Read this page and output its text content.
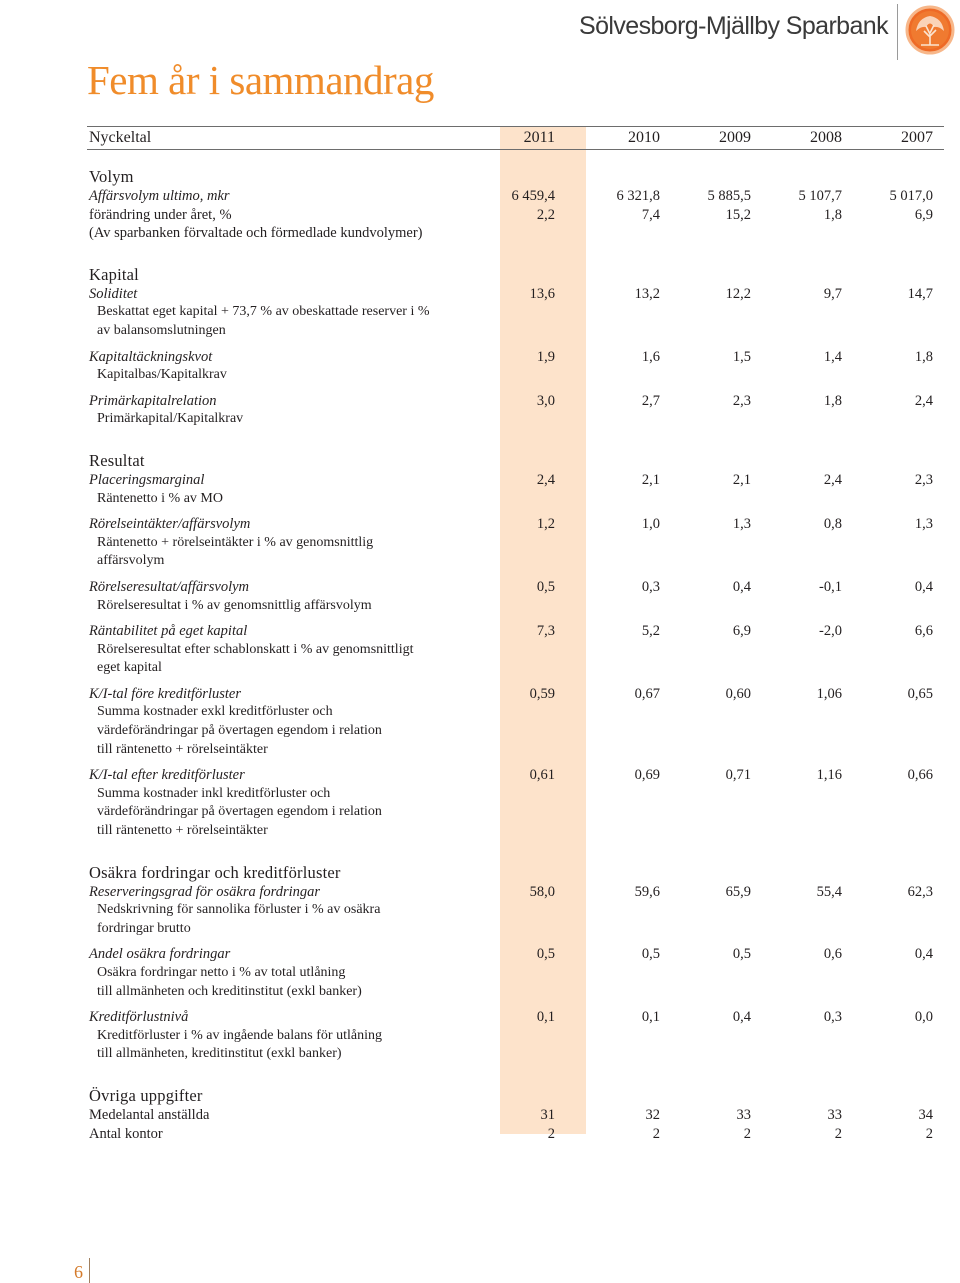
Sölvesborg-Mjällby Sparbank
Fem år i sammandrag
Nyckeltal	2011	2010	2009	2008	2007
Volym
Affärsvolym ultimo, mkr	6 459,4	6 321,8	5 885,5	5 107,7	5 017,0
förändring under året, %	2,2	7,4	15,2	1,8	6,9
(Av sparbanken förvaltade och förmedlade kundvolymer)
Kapital
Soliditet	13,6	13,2	12,2	9,7	14,7
Beskattat eget kapital + 73,7 % av obeskattade reserver i %
av balansomslutningen
Kapitaltäckningskvot	1,9	1,6	1,5	1,4	1,8
Kapitalbas/Kapitalkrav
Primärkapitalrelation	3,0	2,7	2,3	1,8	2,4
Primärkapital/Kapitalkrav
Resultat
Placeringsmarginal	2,4	2,1	2,1	2,4	2,3
Räntenetto i % av MO
Rörelseintäkter/affärsvolym	1,2	1,0	1,3	0,8	1,3
Räntenetto + rörelseintäkter i % av genomsnittlig
affärsvolym
Rörelseresultat/affärsvolym	0,5	0,3	0,4	-0,1	0,4
Rörelseresultat i % av genomsnittlig affärsvolym
Räntabilitet på eget kapital	7,3	5,2	6,9	-2,0	6,6
Rörelseresultat efter schablonskatt i % av genomsnittligt
eget kapital
K/I-tal före kreditförluster	0,59	0,67	0,60	1,06	0,65
Summa kostnader exkl kreditförluster och
värdeförändringar på övertagen egendom i relation
till räntenetto + rörelseintäkter
K/I-tal efter kreditförluster	0,61	0,69	0,71	1,16	0,66
Summa kostnader inkl kreditförluster och
värdeförändringar på övertagen egendom i relation
till räntenetto + rörelseintäkter
Osäkra fordringar och kreditförluster
Reserveringsgrad för osäkra fordringar	58,0	59,6	65,9	55,4	62,3
Nedskrivning för sannolika förluster i % av osäkra
fordringar brutto
Andel osäkra fordringar	0,5	0,5	0,5	0,6	0,4
Osäkra fordringar netto i % av total utlåning
till allmänheten och kreditinstitut (exkl banker)
Kreditförlustnivå	0,1	0,1	0,4	0,3	0,0
Kreditförluster i % av ingående balans för utlåning
till allmänheten, kreditinstitut (exkl banker)
Övriga uppgifter
Medelantal anställda	31	32	33	33	34
Antal kontor	2	2	2	2	2
6
